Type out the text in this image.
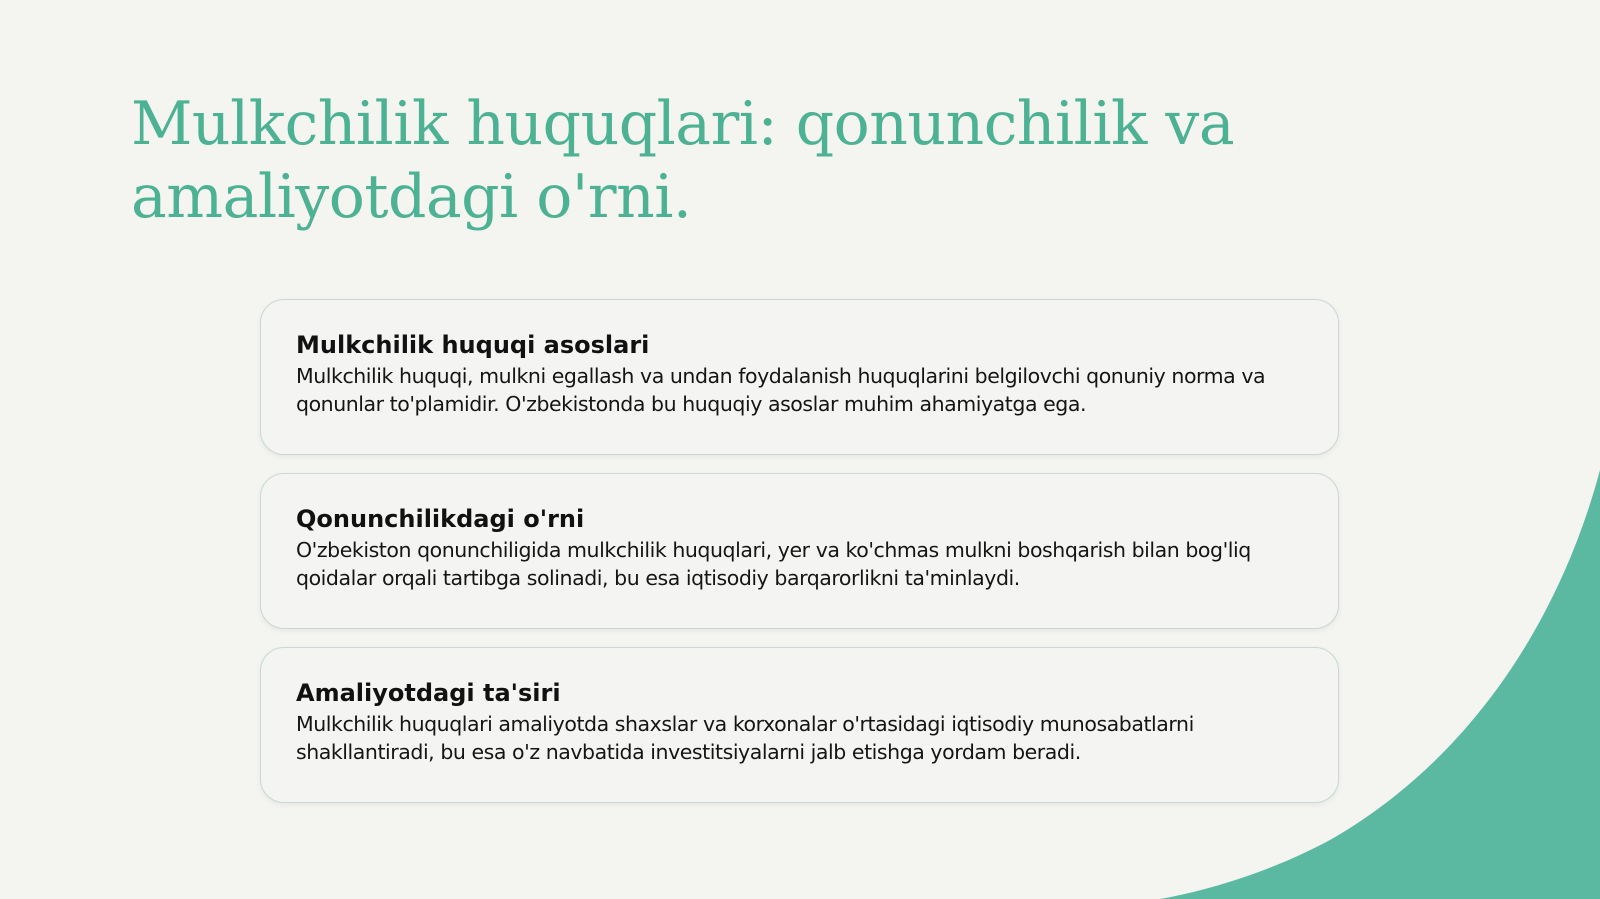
Mulkchilik huquqlari: qonunchilik va amaliyotdagi o'rni.
Mulkchilik huquqi asoslari

Mulkchilik huquqi, mulkni egallash va undan foydalanish huquqlarini belgilovchi qonuniy norma va qonunlar to'plamidir. O'zbekistonda bu huquqiy asoslar muhim ahamiyatga ega.

Qonunchilikdagi o'rni

O'zbekiston qonunchiligida mulkchilik huquqlari, yer va ko'chmas mulkni boshqarish bilan bog'liq qoidalar orqali tartibga solinadi, bu esa iqtisodiy barqarorlikni ta'minlaydi.

Amaliyotdagi ta'siri

Mulkchilik huquqlari amaliyotda shaxslar va korxonalar o'rtasidagi iqtisodiy munosabatlarni shakllantiradi, bu esa o'z navbatida investitsiyalarni jalb etishga yordam beradi.
